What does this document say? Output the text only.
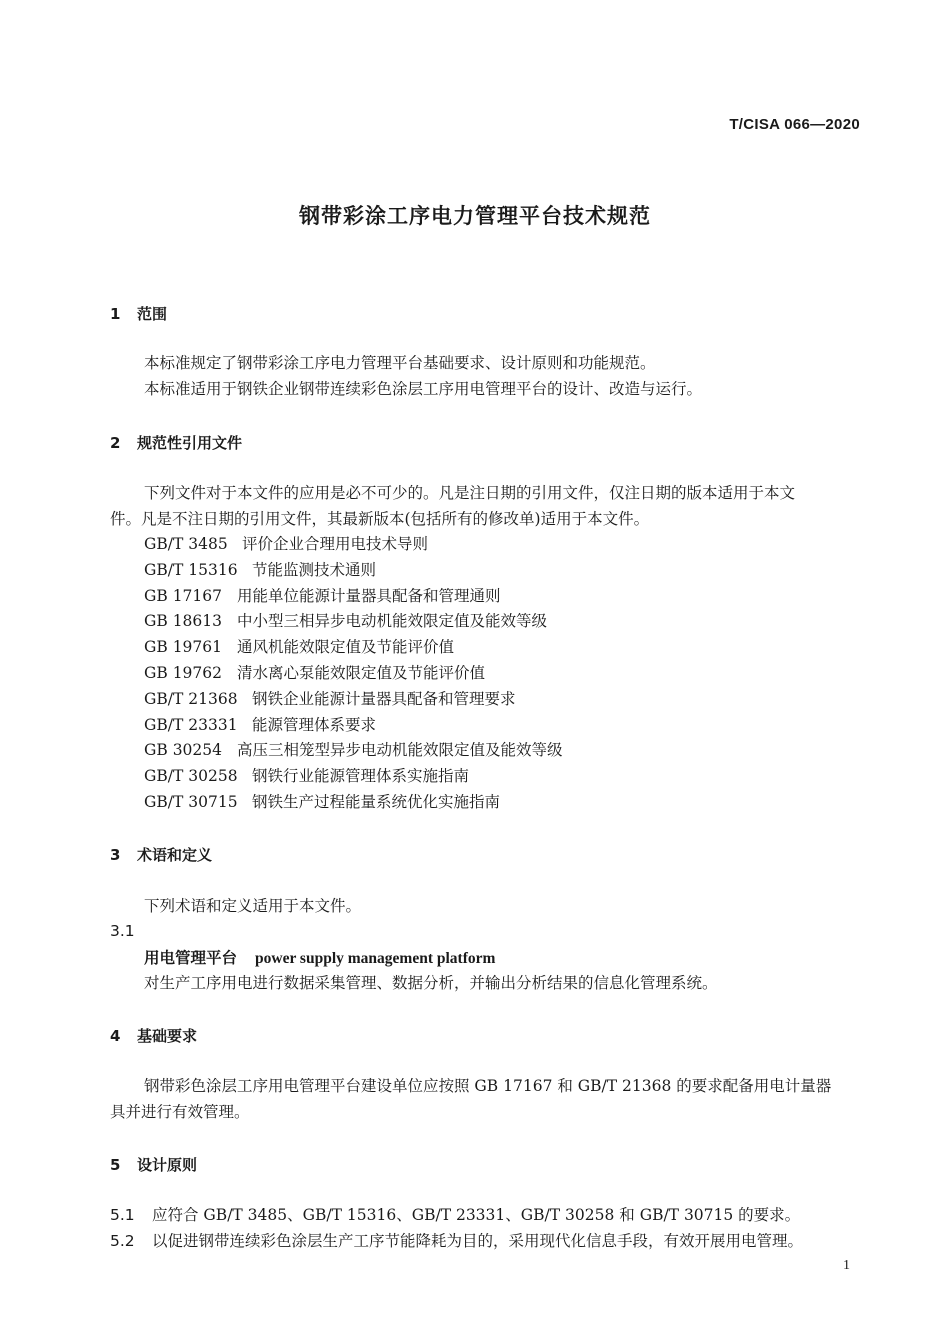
T/CISA 066—2020
钢带彩涂工序电力管理平台技术规范
1 范围

本标准规定了钢带彩涂工序电力管理平台基础要求、设计原则和功能规范。

本标准适用于钢铁企业钢带连续彩色涂层工序用电管理平台的设计、改造与运行。

2 规范性引用文件

下列文件对于本文件的应用是必不可少的。凡是注日期的引用文件，仅注日期的版本适用于本文

件。凡是不注日期的引用文件，其最新版本(包括所有的修改单)适用于本文件。

GB/T 3485 评价企业合理用电技术导则
GB/T 15316 节能监测技术通则
GB 17167 用能单位能源计量器具配备和管理通则
GB 18613 中小型三相异步电动机能效限定值及能效等级
GB 19761 通风机能效限定值及节能评价值
GB 19762 清水离心泵能效限定值及节能评价值
GB/T 21368 钢铁企业能源计量器具配备和管理要求
GB/T 23331 能源管理体系要求
GB 30254 高压三相笼型异步电动机能效限定值及能效等级
GB/T 30258 钢铁行业能源管理体系实施指南
GB/T 30715 钢铁生产过程能量系统优化实施指南
3 术语和定义

下列术语和定义适用于本文件。

3.1
用电管理平台 power supply management platform
对生产工序用电进行数据采集管理、数据分析，并输出分析结果的信息化管理系统。
4 基础要求

钢带彩色涂层工序用电管理平台建设单位应按照 GB 17167 和 GB/T 21368 的要求配备用电计量器

具并进行有效管理。

5 设计原则
5.1 应符合 GB/T 3485、GB/T 15316、GB/T 23331、GB/T 30258 和 GB/T 30715 的要求。
5.2 以促进钢带连续彩色涂层生产工序节能降耗为目的，采用现代化信息手段，有效开展用电管理。
1
